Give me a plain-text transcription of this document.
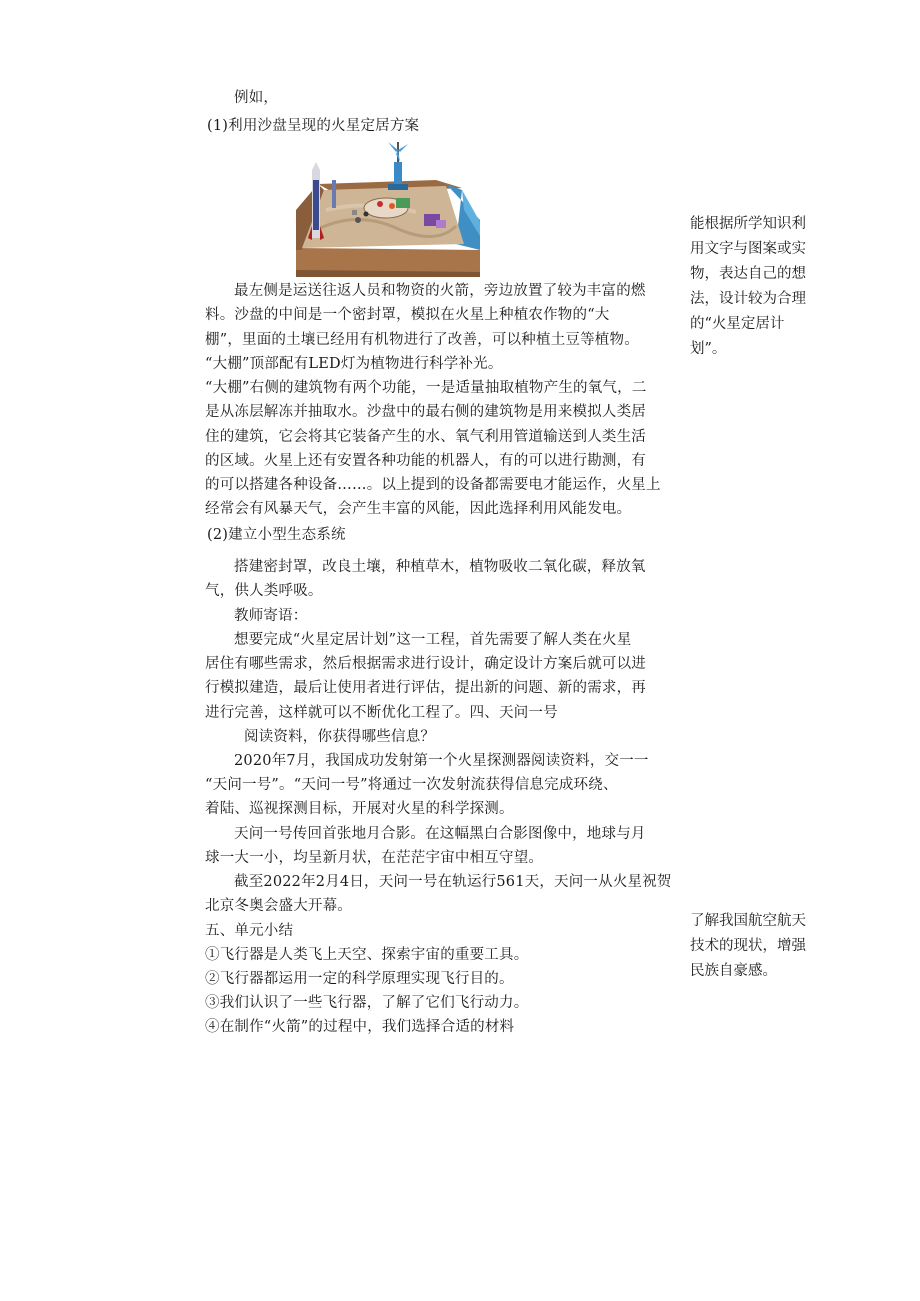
例如，
(1)利用沙盘呈现的火星定居方案
最左侧是运送往返人员和物资的火箭，旁边放置了较为丰富的燃
料。沙盘的中间是一个密封罩，模拟在火星上种植农作物的“大
棚”，里面的土壤已经用有机物进行了改善，可以种植土豆等植物。
“大棚”顶部配有LED灯为植物进行科学补光。
“大棚”右侧的建筑物有两个功能，一是适量抽取植物产生的氧气，二
是从冻层解冻并抽取水。沙盘中的最右侧的建筑物是用来模拟人类居
住的建筑，它会将其它装备产生的水、氧气利用管道输送到人类生活
的区域。火星上还有安置各种功能的机器人，有的可以进行勘测，有
的可以搭建各种设备……。以上提到的设备都需要电才能运作，火星上
经常会有风暴天气，会产生丰富的风能，因此选择利用风能发电。
(2)建立小型生态系统
搭建密封罩，改良土壤，种植草木，植物吸收二氧化碳，释放氧
气，供人类呼吸。
教师寄语：
想要完成“火星定居计划”这一工程，首先需要了解人类在火星
居住有哪些需求，然后根据需求进行设计，确定设计方案后就可以进
行模拟建造，最后让使用者进行评估，提出新的问题、新的需求，再
进行完善，这样就可以不断优化工程了。四、天问一号
阅读资料，你获得哪些信息？
2020年7月，我国成功发射第一个火星探测器阅读资料，交一一
“天问一号”。“天问一号”将通过一次发射流获得信息完成环绕、
着陆、巡视探测目标，开展对火星的科学探测。
天问一号传回首张地月合影。在这幅黑白合影图像中，地球与月
球一大一小，均呈新月状，在茫茫宇宙中相互守望。
截至2022年2月4日，天问一号在轨运行561天，天问一从火星祝贺
北京冬奥会盛大开幕。
五、单元小结
①飞行器是人类飞上天空、探索宇宙的重要工具。
②飞行器都运用一定的科学原理实现飞行目的。
③我们认识了一些飞行器，了解了它们飞行动力。
④在制作“火箭”的过程中，我们选择合适的材料
能根据所学知识利
用文字与图案或实
物，表达自己的想
法，设计较为合理
的“火星定居计
划”。
了解我国航空航天
技术的现状，增强
民族自豪感。
